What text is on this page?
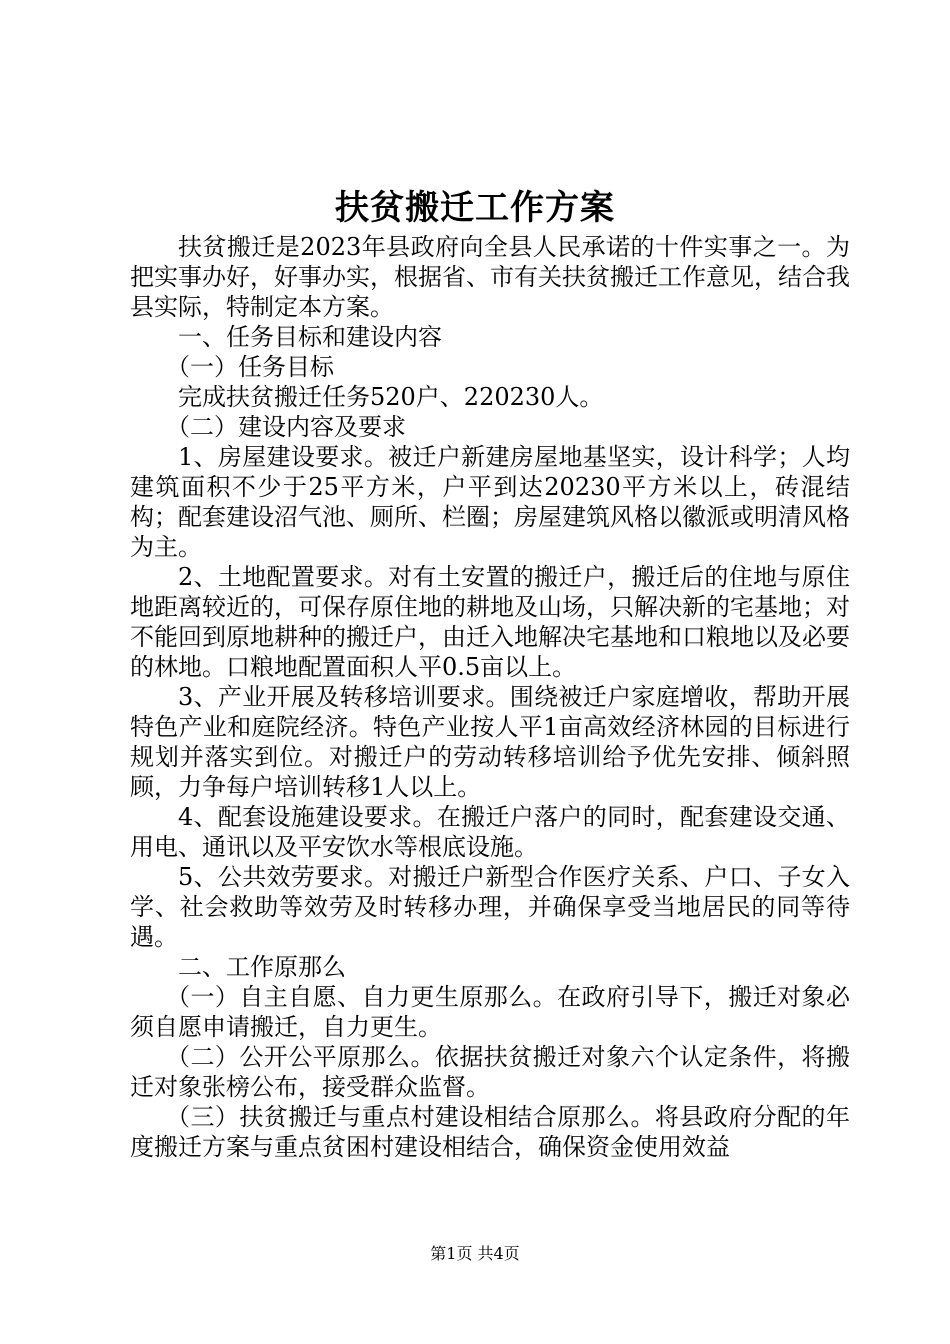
扶贫搬迁工作方案

扶贫搬迁是2023年县政府向全县人民承诺的十件实事之一。为把实事办好，好事办实，根据省、市有关扶贫搬迁工作意见，结合我县实际，特制定本方案。

一、任务目标和建设内容

（一）任务目标

完成扶贫搬迁任务520户、220230人。

（二）建设内容及要求

1、房屋建设要求。被迁户新建房屋地基坚实，设计科学；人均建筑面积不少于25平方米，户平到达20230平方米以上，砖混结构；配套建设沼气池、厕所、栏圈；房屋建筑风格以徽派或明清风格为主。

2、土地配置要求。对有土安置的搬迁户，搬迁后的住地与原住地距离较近的，可保存原住地的耕地及山场，只解决新的宅基地；对不能回到原地耕种的搬迁户，由迁入地解决宅基地和口粮地以及必要的林地。口粮地配置面积人平0.5亩以上。

3、产业开展及转移培训要求。围绕被迁户家庭增收，帮助开展特色产业和庭院经济。特色产业按人平1亩高效经济林园的目标进行规划并落实到位。对搬迁户的劳动转移培训给予优先安排、倾斜照顾，力争每户培训转移1人以上。

4、配套设施建设要求。在搬迁户落户的同时，配套建设交通、用电、通讯以及平安饮水等根底设施。

5、公共效劳要求。对搬迁户新型合作医疗关系、户口、子女入学、社会救助等效劳及时转移办理，并确保享受当地居民的同等待遇。

二、工作原那么

（一）自主自愿、自力更生原那么。在政府引导下，搬迁对象必须自愿申请搬迁，自力更生。

（二）公开公平原那么。依据扶贫搬迁对象六个认定条件，将搬迁对象张榜公布，接受群众监督。

（三）扶贫搬迁与重点村建设相结合原那么。将县政府分配的年度搬迁方案与重点贫困村建设相结合，确保资金使用效益

第1页 共4页
